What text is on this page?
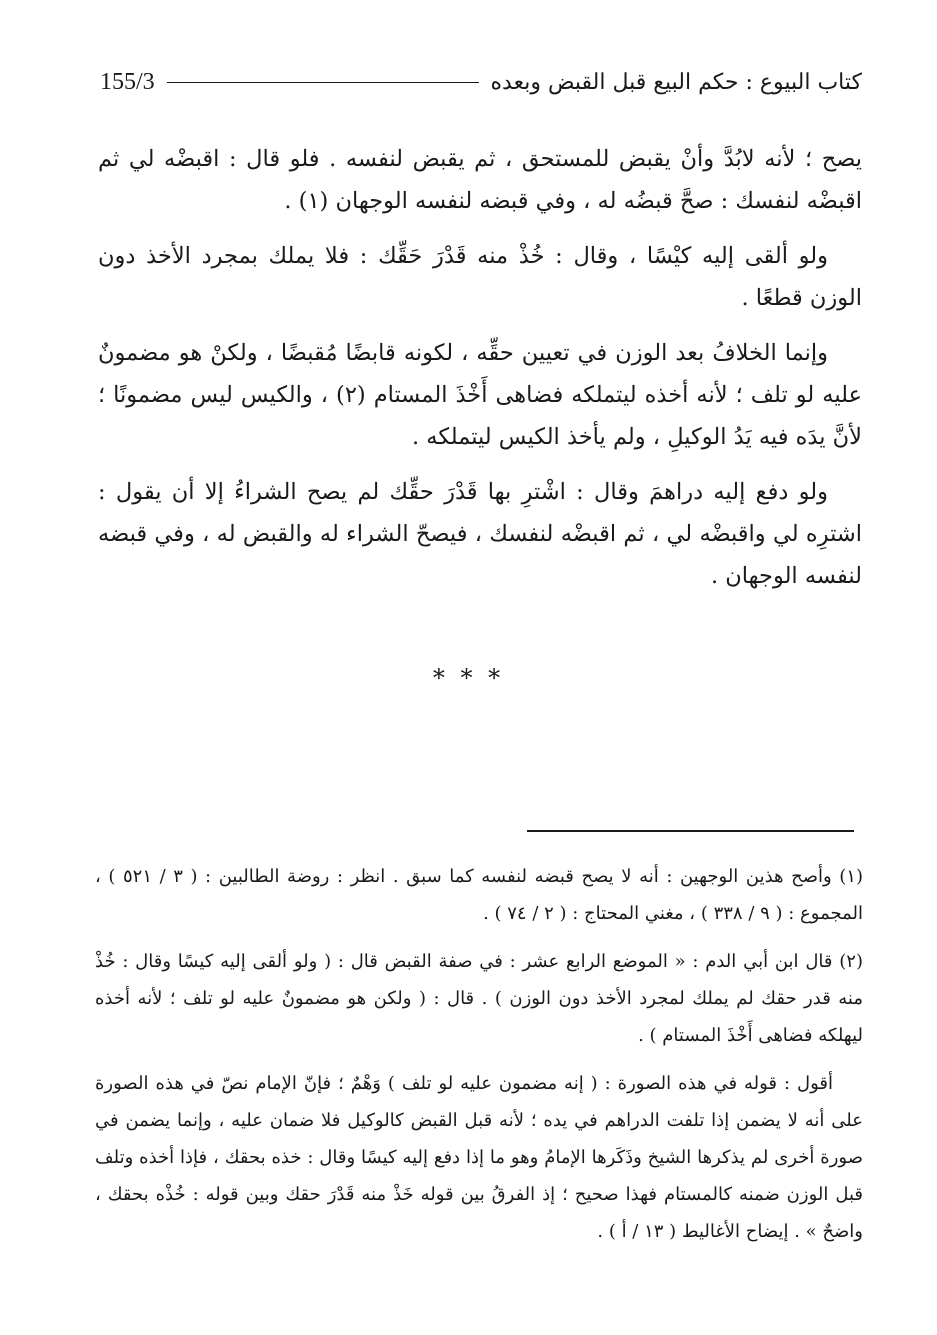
كتاب البيوع : حكم البيع قبل القبض وبعده
155/3

يصح ؛ لأنه لابُدَّ وأنْ يقبض للمستحق ، ثم يقبض لنفسه . فلو قال : اقبضْه لي ثم اقبضْه لنفسك : صحَّ قبضُه له ، وفي قبضه لنفسه الوجهان (١) .

ولو ألقى إليه كيْسًا ، وقال : خُذْ منه قَدْرَ حَقِّك : فلا يملك بمجرد الأخذ دون الوزن قطعًا .

وإنما الخلافُ بعد الوزن في تعيين حقِّه ، لكونه قابضًا مُقبضًا ، ولكنْ هو مضمونٌ عليه لو تلف ؛ لأنه أخذه ليتملكه فضاهى أَخْذَ المستام (٢) ، والكيس ليس مضمونًا ؛ لأنَّ يدَه فيه يَدُ الوكيلِ ، ولم يأخذ الكيس ليتملكه .

ولو دفع إليه دراهمَ وقال : اشْترِ بها قَدْرَ حقِّك لم يصح الشراءُ إلا أن يقول : اشترِه لي واقبضْه لي ، ثم اقبضْه لنفسك ، فيصحّ الشراء له والقبض له ، وفي قبضه لنفسه الوجهان .

* * *

(١) وأصح هذين الوجهين : أنه لا يصح قبضه لنفسه كما سبق . انظر : روضة الطالبين : ( ٣ / ٥٢١ ) ، المجموع : ( ٩ / ٣٣٨ ) ، مغني المحتاج : ( ٢ / ٧٤ ) .

(٢) قال ابن أبي الدم : « الموضع الرابع عشر : في صفة القبض قال : ( ولو ألقى إليه كيسًا وقال : خُذْ منه قدر حقك لم يملك لمجرد الأخذ دون الوزن ) . قال : ( ولكن هو مضمونٌ عليه لو تلف ؛ لأنه أخذه ليهلكه فضاهى أَخْذَ المستام ) .

أقول : قوله في هذه الصورة : ( إنه مضمون عليه لو تلف ) وَهْمٌ ؛ فإنّ الإمام نصّ في هذه الصورة على أنه لا يضمن إذا تلفت الدراهم في يده ؛ لأنه قبل القبض كالوكيل فلا ضمان عليه ، وإنما يضمن في صورة أخرى لم يذكرها الشيخ وذَكَرها الإمامُ وهو ما إذا دفع إليه كيسًا وقال : خذه بحقك ، فإذا أخذه وتلف قبل الوزن ضمنه كالمستام فهذا صحيح ؛ إذ الفرقُ بين قوله خَذْ منه قَدْرَ حقك وبين قوله : خُذْه بحقك ، واضحٌ » . إيضاح الأغاليط ( ١٣ / أ ) .
